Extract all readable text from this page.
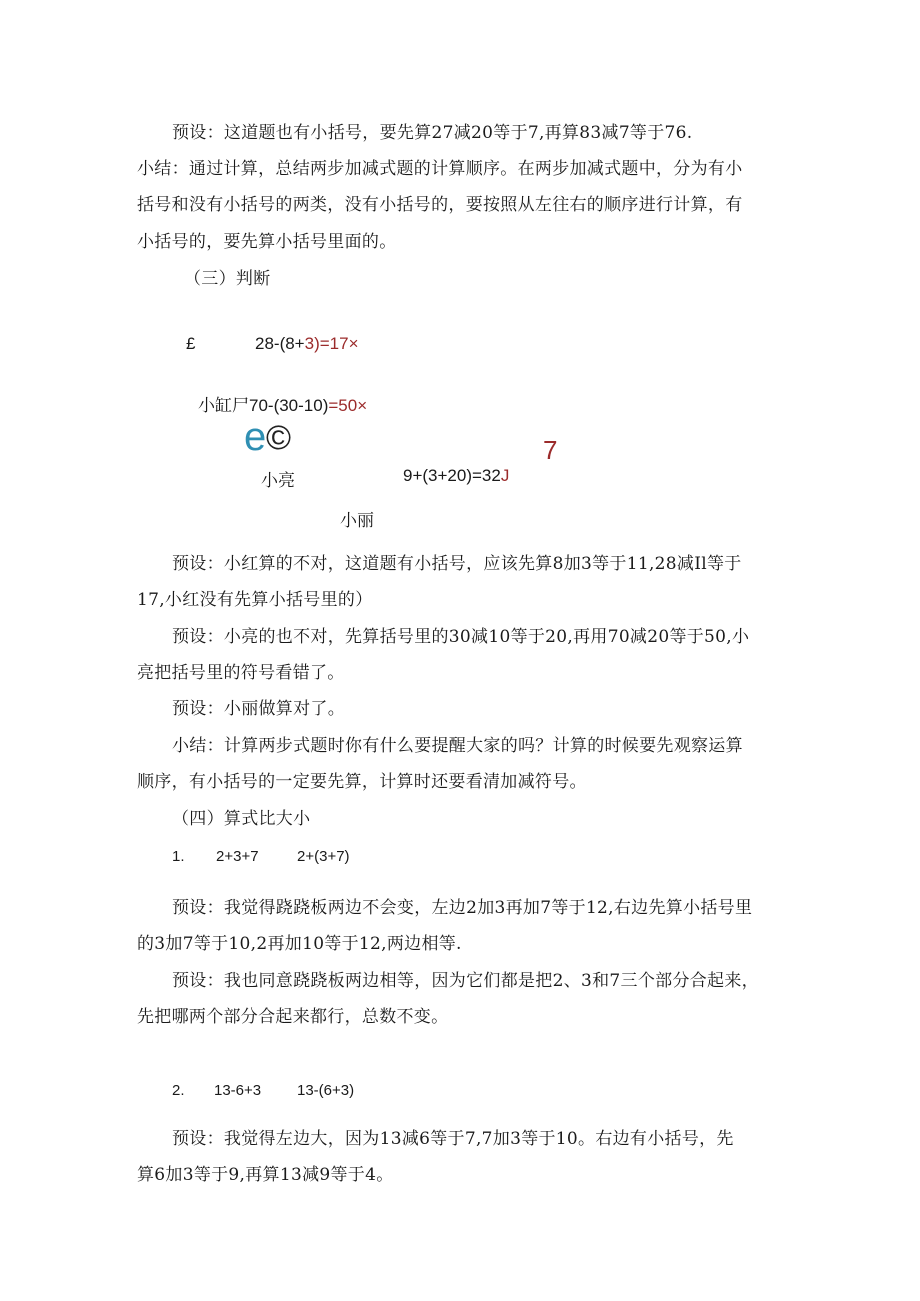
预设：这道题也有小括号，要先算27减20等于7,再算83减7等于76.
小结：通过计算，总结两步加减式题的计算顺序。在两步加减式题中，分为有小
括号和没有小括号的两类，没有小括号的，要按照从左往右的顺序进行计算，有
小括号的，要先算小括号里面的。
（三）判断
£	28-(8+3)=17×
小缸尸70-(30-10)=50×
e ©	7
小亮	9+(3+20)=32J
小丽
预设：小红算的不对，这道题有小括号，应该先算8加3等于11,28减Il等于
17,小红没有先算小括号里的）
预设：小亮的也不对，先算括号里的30减10等于20,再用70减20等于50,小
亮把括号里的符号看错了。
预设：小丽做算对了。
小结：计算两步式题时你有什么要提醒大家的吗？计算的时候要先观察运算
顺序，有小括号的一定要先算，计算时还要看清加减符号。
（四）算式比大小
1. 2+3+7	2+(3+7)
预设：我觉得跷跷板两边不会变，左边2加3再加7等于12,右边先算小括号里
的3加7等于10,2再加10等于12,两边相等.
预设：我也同意跷跷板两边相等，因为它们都是把2、3和7三个部分合起来，
先把哪两个部分合起来都行，总数不变。
2. 13-6+3 13-(6+3)
预设：我觉得左边大，因为13减6等于7,7加3等于10。右边有小括号，先
算6加3等于9,再算13减9等于4。
